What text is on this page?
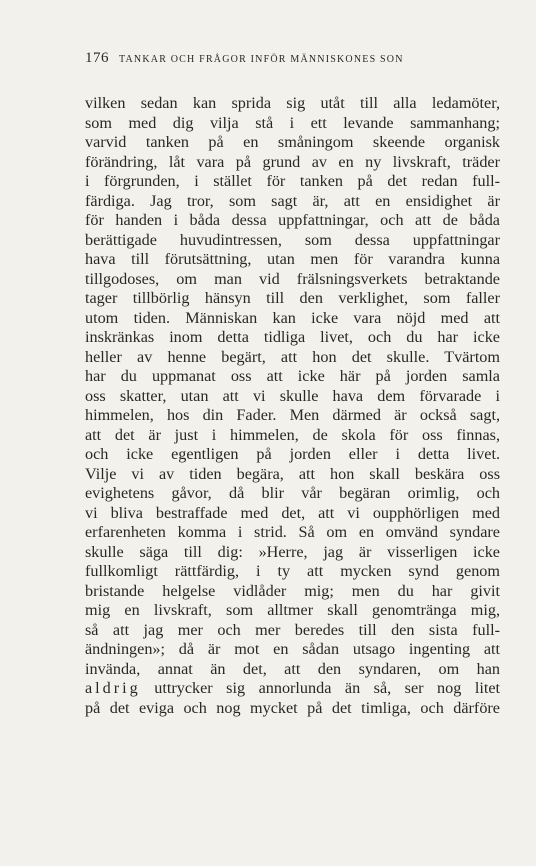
176 TANKAR OCH FRÅGOR INFÖR MÄNNISKONES SON
vilken sedan kan sprida sig utåt till alla ledamöter,
som med dig vilja stå i ett levande sammanhang;
varvid tanken på en småningom skeende organisk
förändring, låt vara på grund av en ny livskraft, träder
i förgrunden, i stället för tanken på det redan full-
färdiga. Jag tror, som sagt är, att en ensidighet är
för handen i båda dessa uppfattningar, och att de båda
berättigade huvudintressen, som dessa uppfattningar
hava till förutsättning, utan men för varandra kunna
tillgodoses, om man vid frälsningsverkets betraktande
tager tillbörlig hänsyn till den verklighet, som faller
utom tiden. Människan kan icke vara nöjd med att
inskränkas inom detta tidliga livet, och du har icke
heller av henne begärt, att hon det skulle. Tvärtom
har du uppmanat oss att icke här på jorden samla
oss skatter, utan att vi skulle hava dem förvarade i
himmelen, hos din Fader. Men därmed är också sagt,
att det är just i himmelen, de skola för oss finnas,
och icke egentligen på jorden eller i detta livet.
Vilje vi av tiden begära, att hon skall beskära oss
evighetens gåvor, då blir vår begäran orimlig, och
vi bliva bestraffade med det, att vi oupphörligen med
erfarenheten komma i strid. Så om en omvänd syndare
skulle säga till dig: »Herre, jag är visserligen icke
fullkomligt rättfärdig, i ty att mycken synd genom
bristande helgelse vidlåder mig; men du har givit
mig en livskraft, som alltmer skall genomtränga mig,
så att jag mer och mer beredes till den sista full-
ändningen»; då är mot en sådan utsago ingenting att
invända, annat än det, att den syndaren, om han
aldrig uttrycker sig annorlunda än så, ser nog litet
på det eviga och nog mycket på det timliga, och därföre
